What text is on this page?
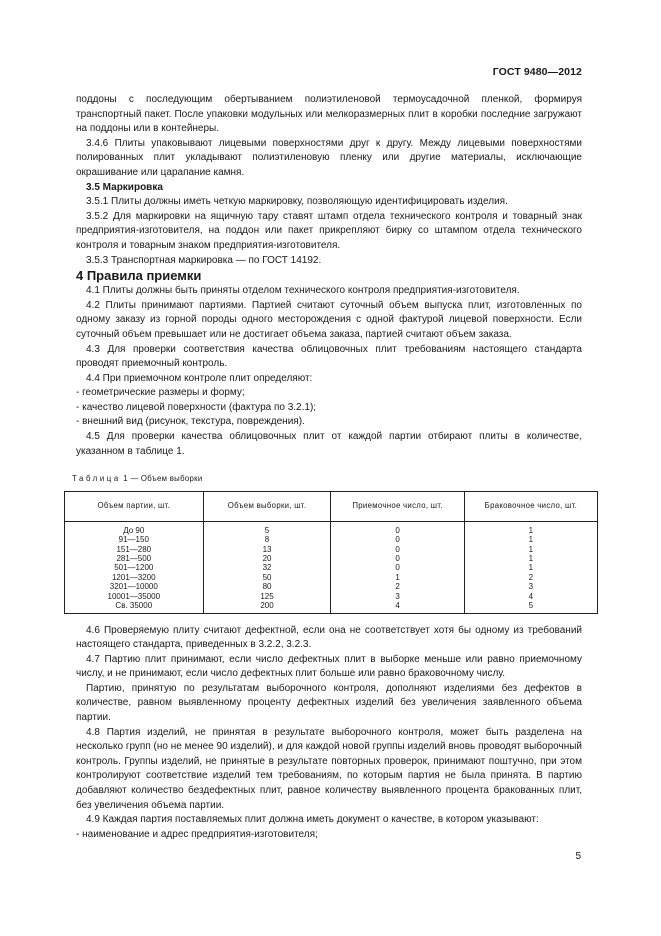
ГОСТ 9480—2012

поддоны с последующим обертыванием полиэтиленовой термоусадочной пленкой, формируя транспортный пакет. После упаковки модульных или мелкоразмерных плит в коробки последние загружают на поддоны или в контейнеры.

3.4.6 Плиты упаковывают лицевыми поверхностями друг к другу. Между лицевыми поверхностями полированных плит укладывают полиэтиленовую пленку или другие материалы, исключающие окрашивание или царапание камня.

3.5 Маркировка

3.5.1 Плиты должны иметь четкую маркировку, позволяющую идентифицировать изделия.

3.5.2 Для маркировки на ящичную тару ставят штамп отдела технического контроля и товарный знак предприятия-изготовителя, на поддон или пакет прикрепляют бирку со штампом отдела технического контроля и товарным знаком предприятия-изготовителя.

3.5.3 Транспортная маркировка — по ГОСТ 14192.

4 Правила приемки

4.1 Плиты должны быть приняты отделом технического контроля предприятия-изготовителя.

4.2 Плиты принимают партиями. Партией считают суточный объем выпуска плит, изготовленных по одному заказу из горной породы одного месторождения с одной фактурой лицевой поверхности. Если суточный объем превышает или не достигает объема заказа, партией считают объем заказа.

4.3 Для проверки соответствия качества облицовочных плит требованиям настоящего стандарта проводят приемочный контроль.

4.4 При приемочном контроле плит определяют:

- геометрические размеры и форму;

- качество лицевой поверхности (фактура по 3.2.1);

- внешний вид (рисунок, текстура, повреждения).

4.5 Для проверки качества облицовочных плит от каждой партии отбирают плиты в количестве, указанном в таблице 1.

Таблица 1 — Объем выборки
Объем партии, шт.	Объем выборки, шт.	Приемочное число, шт.	Браковочное число, шт.
До 90	5	0	1
91—150	8	0	1
151—280	13	0	1
281—500	20	0	1
501—1200	32	0	1
1201—3200	50	1	2
3201—10000	80	2	3
10001—35000	125	3	4
Св. 35000	200	4	5

4.6 Проверяемую плиту считают дефектной, если она не соответствует хотя бы одному из требований настоящего стандарта, приведенных в 3.2.2, 3.2.3.

4.7 Партию плит принимают, если число дефектных плит в выборке меньше или равно приемочному числу, и не принимают, если число дефектных плит больше или равно браковочному числу.

Партию, принятую по результатам выборочного контроля, дополняют изделиями без дефектов в количестве, равном выявленному проценту дефектных изделий без увеличения заявленного объема партии.

4.8 Партия изделий, не принятая в результате выборочного контроля, может быть разделена на несколько групп (но не менее 90 изделий), и для каждой новой группы изделий вновь проводят выборочный контроль. Группы изделий, не принятые в результате повторных проверок, принимают поштучно, при этом контролируют соответствие изделий тем требованиям, по которым партия не была принята. В партию добавляют количество бездефектных плит, равное количеству выявленного процента бракованных плит, без увеличения объема партии.

4.9 Каждая партия поставляемых плит должна иметь документ о качестве, в котором указывают:

- наименование и адрес предприятия-изготовителя;

5
